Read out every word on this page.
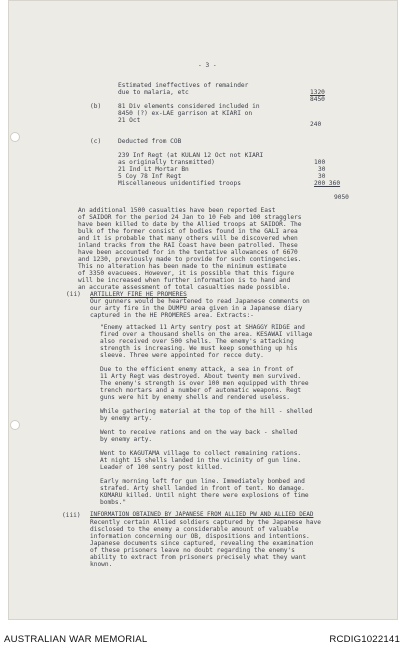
- 3 -
Estimated ineffectives of remainder
due to malaria, etc	1320
(b)	81 Div elements considered included in
8450 (?) ex-LAE garrison at KIARI on
21 Oct
8450
240
(c)	Deducted from COB
239 Inf Regt (at KULAN 12 Oct not KIARI
as originally transmitted)	100
21 Ind Lt Mortar Bn	30
5 Coy 78 Inf Regt	30
Miscellaneous unidentified troops	200 360
9050
An additional 1500 casualties have been reported East
of SAIDOR for the period 24 Jan to 10 Feb and 100 stragglers
have been killed to date by the Allied troops at SAIDOR. The
bulk of the former consist of bodies found in the GALI area
and it is probable that many others will be discovered when
inland tracks from the RAI Coast have been patrolled. These
have been accounted for in the tentative allowances of 6670
and 1230, previously made to provide for such contingencies.
This no alteration has been made to the minimum estimate
of 3350 evacuees. However, it is possible that this figure
will be increased when further information is to hand and
an accurate assessment of total casualties made possible.
(ii) ARTILLERY FIRE HE PROMERES
Our gunners would be heartened to read Japanese comments on
our arty fire in the DUMPU area given in a Japanese diary
captured in the HE PROMERES area. Extracts:-
"Enemy attacked 11 Arty sentry post at SHAGGY RIDGE and
fired over a thousand shells on the area. KESAWAI village
also received over 500 shells. The enemy's attacking
strength is increasing. We must keep something up his
sleeve. Three were appointed for recce duty.
Due to the efficient enemy attack, a sea in front of
11 Arty Regt was destroyed. About twenty men survived.
The enemy's strength is over 100 men equipped with three
trench mortars and a number of automatic weapons. Regt
guns were hit by enemy shells and rendered useless.
While gathering material at the top of the hill - shelled
by enemy arty.
Went to receive rations and on the way back - shelled
by enemy arty.
Went to KAGUTAMA village to collect remaining rations.
At night 15 shells landed in the vicinity of gun line.
Leader of 100 sentry post killed.
Early morning left for gun line. Immediately bombed and
strafed. Arty shell landed in front of tent. No damage.
KOMARU killed. Until night there were explosions of time
bombs."
(iii) INFORMATION OBTAINED BY JAPANESE FROM ALLIED PW AND ALLIED DEAD
Recently certain Allied soldiers captured by the Japanese have
disclosed to the enemy a considerable amount of valuable
information concerning our OB, dispositions and intentions.
Japanese documents since captured, revealing the examination
of these prisoners leave no doubt regarding the enemy's
ability to extract from prisoners precisely what they want
known.
AUSTRALIAN WAR MEMORIAL	RCDIG1022141
